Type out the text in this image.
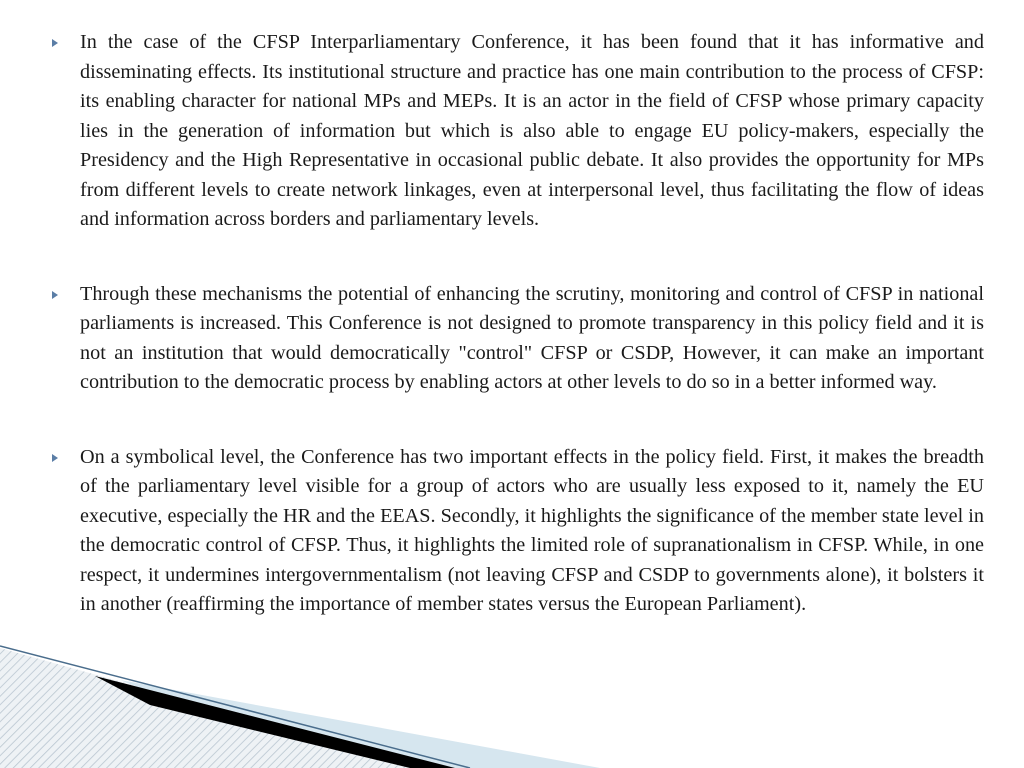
In the case of the CFSP Interparliamentary Conference, it has been found that it has informative and disseminating effects. Its institutional structure and practice has one main contribution to the process of CFSP: its enabling character for national MPs and MEPs. It is an actor in the field of CFSP whose primary capacity lies in the generation of information but which is also able to engage EU policy-makers, especially the Presidency and the High Representative in occasional public debate. It also provides the opportunity for MPs from different levels to create network linkages, even at interpersonal level, thus facilitating the flow of ideas and information across borders and parliamentary levels.
Through these mechanisms the potential of enhancing the scrutiny, monitoring and control of CFSP in national parliaments is increased. This Conference is not designed to promote transparency in this policy field and it is not an institution that would democratically "control" CFSP or CSDP, However, it can make an important contribution to the democratic process by enabling actors at other levels to do so in a better informed way.
On a symbolical level, the Conference has two important effects in the policy field. First, it makes the breadth of the parliamentary level visible for a group of actors who are usually less exposed to it, namely the EU executive, especially the HR and the EEAS. Secondly, it highlights the significance of the member state level in the democratic control of CFSP. Thus, it highlights the limited role of supranationalism in CFSP. While, in one respect, it undermines intergovernmentalism (not leaving CFSP and CSDP to governments alone), it bolsters it in another (reaffirming the importance of member states versus the European Parliament).
